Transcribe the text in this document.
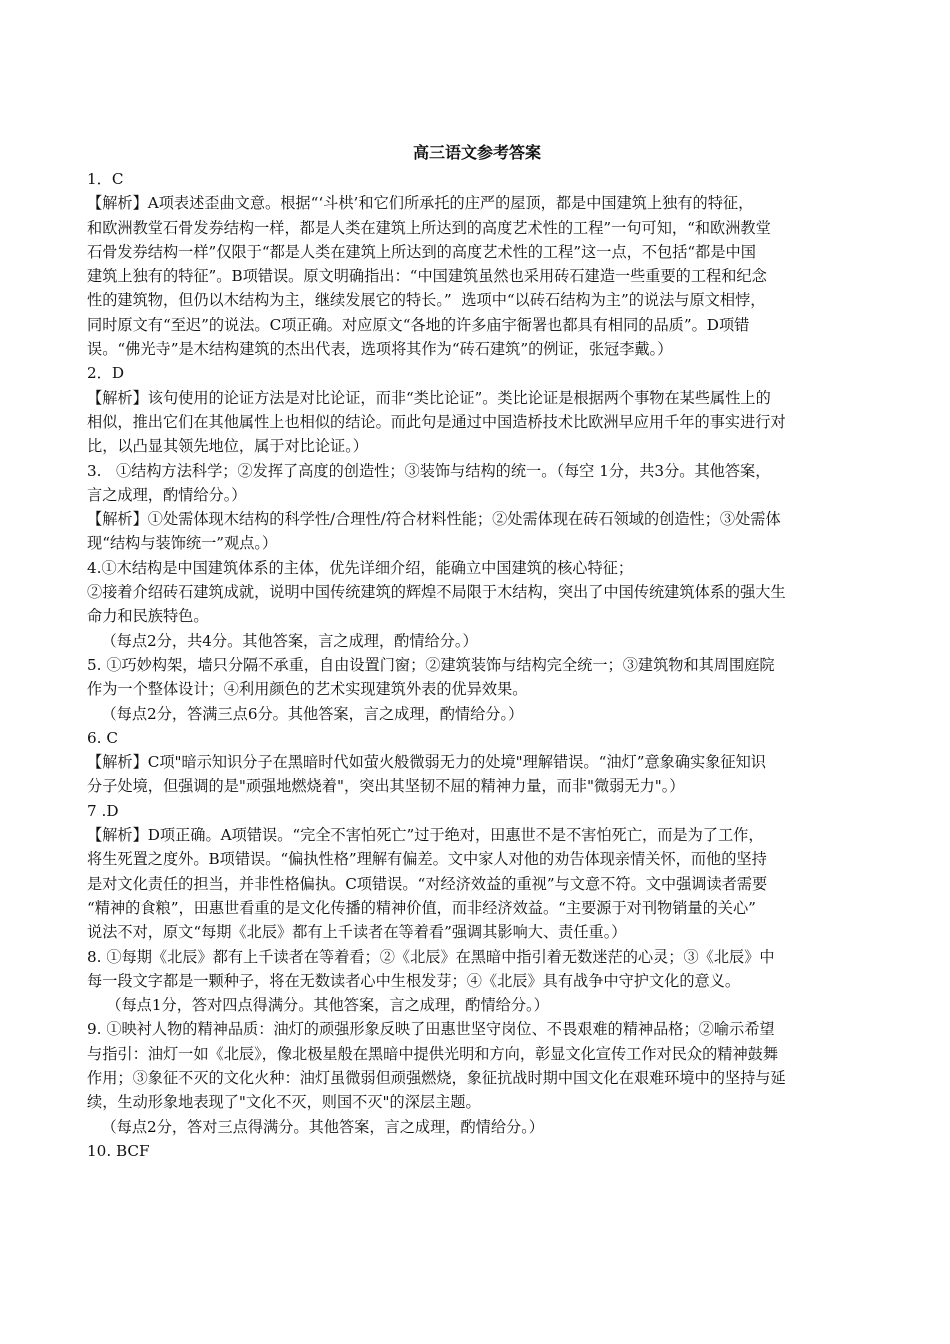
高三语文参考答案
1．C
【解析】A项表述歪曲文意。根据“‘斗栱’和它们所承托的庄严的屋顶，都是中国建筑上独有的特征，
和欧洲教堂石骨发券结构一样，都是人类在建筑上所达到的高度艺术性的工程”一句可知，“和欧洲教堂
石骨发券结构一样”仅限于“都是人类在建筑上所达到的高度艺术性的工程”这一点，不包括“都是中国
建筑上独有的特征”。B项错误。原文明确指出：“中国建筑虽然也采用砖石建造一些重要的工程和纪念
性的建筑物，但仍以木结构为主，继续发展它的特长。”  选项中“以砖石结构为主”的说法与原文相悖，
同时原文有“至迟”的说法。C项正确。对应原文“各地的许多庙宇衙署也都具有相同的品质”。D项错
误。“佛光寺”是木结构建筑的杰出代表，选项将其作为“砖石建筑”的例证，张冠李戴。）
2．D
【解析】该句使用的论证方法是对比论证，而非“类比论证”。类比论证是根据两个事物在某些属性上的
相似，推出它们在其他属性上也相似的结论。而此句是通过中国造桥技术比欧洲早应用千年的事实进行对
比，以凸显其领先地位，属于对比论证。）
3.   ①结构方法科学；②发挥了高度的创造性；③装饰与结构的统一。（每空 1分，共3分。其他答案，
言之成理，酌情给分。）
【解析】①处需体现木结构的科学性/合理性/符合材料性能；②处需体现在砖石领域的创造性；③处需体
现“结构与装饰统一”观点。）
4.①木结构是中国建筑体系的主体，优先详细介绍，能确立中国建筑的核心特征；
②接着介绍砖石建筑成就，说明中国传统建筑的辉煌不局限于木结构，突出了中国传统建筑体系的强大生
命力和民族特色。
（每点2分，共4分。其他答案，言之成理，酌情给分。）
5. ①巧妙构架，墙只分隔不承重，自由设置门窗；②建筑装饰与结构完全统一；③建筑物和其周围庭院
作为一个整体设计；④利用颜色的艺术实现建筑外表的优异效果。
（每点2分，答满三点6分。其他答案，言之成理，酌情给分。）
6. C
【解析】C项"暗示知识分子在黑暗时代如萤火般微弱无力的处境"理解错误。“油灯”意象确实象征知识
分子处境，但强调的是"顽强地燃烧着"，突出其坚韧不屈的精神力量，而非"微弱无力"。）
7 .D
【解析】D项正确。A项错误。“完全不害怕死亡”过于绝对，田惠世不是不害怕死亡，而是为了工作，
将生死置之度外。B项错误。“偏执性格”理解有偏差。文中家人对他的劝告体现亲情关怀，而他的坚持
是对文化责任的担当，并非性格偏执。C项错误。“对经济效益的重视”与文意不符。文中强调读者需要
“精神的食粮”，田惠世看重的是文化传播的精神价值，而非经济效益。“主要源于对刊物销量的关心”
说法不对，原文“每期《北辰》都有上千读者在等着看”强调其影响大、责任重。）
8. ①每期《北辰》都有上千读者在等着看；②《北辰》在黑暗中指引着无数迷茫的心灵；③《北辰》中
每一段文字都是一颗种子，将在无数读者心中生根发芽；④《北辰》具有战争中守护文化的意义。
（每点1分，答对四点得满分。其他答案，言之成理，酌情给分。）
9. ①映衬人物的精神品质：油灯的顽强形象反映了田惠世坚守岗位、不畏艰难的精神品格；②喻示希望
与指引：油灯一如《北辰》，像北极星般在黑暗中提供光明和方向，彰显文化宣传工作对民众的精神鼓舞
作用；③象征不灭的文化火种：油灯虽微弱但顽强燃烧，象征抗战时期中国文化在艰难环境中的坚持与延
续，生动形象地表现了"文化不灭，则国不灭"的深层主题。
（每点2分，答对三点得满分。其他答案，言之成理，酌情给分。）
10. BCF
